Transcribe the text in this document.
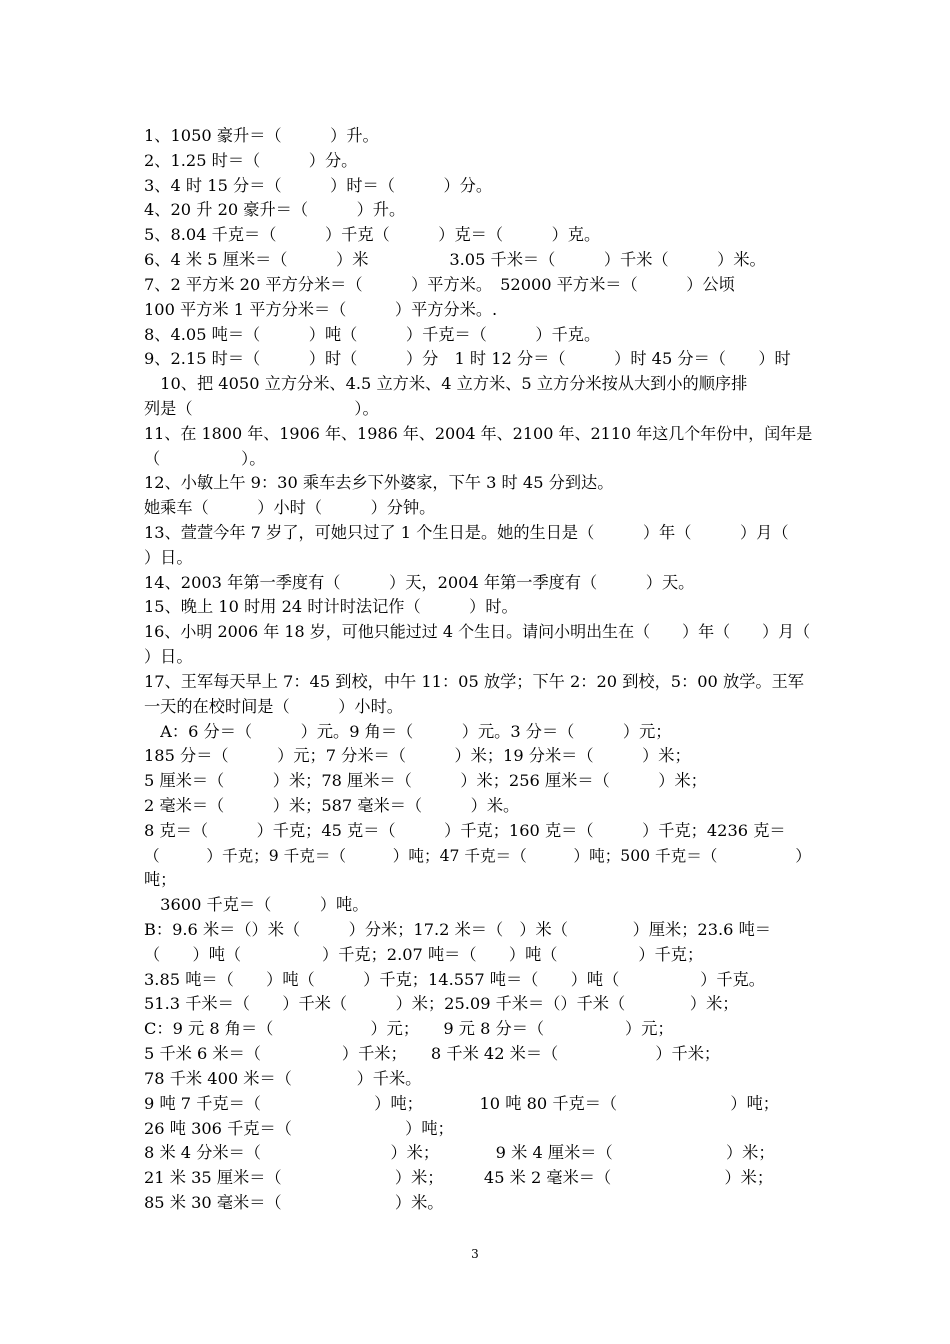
1、1050 豪升＝（　　　）升。
2、1.25 时＝（　　　）分。
3、4 时 15 分＝（　　　）时＝（　　　）分。
4、20 升 20 豪升＝（　　　）升。
5、8.04 千克＝（　　　）千克（　　　）克＝（　　　）克。
6、4 米 5 厘米＝（　　　）米　　　　　3.05 千米＝（　　　）千米（　　　）米。
7、2 平方米 20 平方分米＝（　　　）平方米。　52000 平方米＝（　　　）公顷
100 平方米 1 平方分米＝（　　　）平方分米。.
8、4.05 吨＝（　　　）吨（　　　）千克＝（　　　）千克。
9、2.15 时＝（　　　）时（　　　）分　1 时 12 分＝（　　　）时 45 分＝（　　）时
　10、把 4050 立方分米、4.5 立方米、4 立方米、5 立方分米按从大到小的顺序排
列是（　　　　　　　　　　）。
11、在 1800 年、1906 年、1986 年、2004 年、2100 年、2110 年这几个年份中，闰年是
（　　　　　）。
12、小敏上午 9：30 乘车去乡下外婆家，下午 3 时 45 分到达。
她乘车（　　　）小时（　　　）分钟。
13、萱萱今年 7 岁了，可她只过了 1 个生日是。她的生日是（　　　）年（　　　）月（
）日。
14、2003 年第一季度有（　　　）天，2004 年第一季度有（　　　）天。
15、晚上 10 时用 24 时计时法记作（　　　）时。
16、小明 2006 年 18 岁，可他只能过过 4 个生日。请问小明出生在（　　）年（　　）月（
）日。
17、王军每天早上 7：45 到校，中午 11：05 放学；下午 2：20 到校，5：00 放学。王军
一天的在校时间是（　　　）小时。
　A：6 分＝（　　　）元。9 角＝（　　　）元。3 分＝（　　　）元；
185 分＝（　　　）元；7 分米＝（　　　）米；19 分米＝（　　　）米；
5 厘米＝（　　　）米；78 厘米＝（　　　）米；256 厘米＝（　　　）米；
2 毫米＝（　　　）米；587 毫米＝（　　　）米。
8 克＝（　　　）千克；45 克＝（　　　）千克；160 克＝（　　　）千克；4236 克＝
（　　　）千克；9 千克＝（　　　）吨；47 千克＝（　　　）吨；500 千克＝（　　　　　）
吨；
　3600 千克＝（　　　）吨。
B：9.6 米＝（）米（　　　）分米；17.2 米＝（　）米（　　　　）厘米；23.6 吨＝
（　　）吨（　　　　　）千克；2.07 吨＝（　　）吨（　　　　　）千克；
3.85 吨＝（　　）吨（　　　）千克；14.557 吨＝（　　）吨（　　　　　）千克。
51.3 千米＝（　　）千米（　　　）米；25.09 千米＝（）千米（　　　　）米；
C：9 元 8 角＝（　　　　　　）元；　　9 元 8 分＝（　　　　　）元；
5 千米 6 米＝（　　　　　）千米；　　8 千米 42 米＝（　　　　　　）千米；
78 千米 400 米＝（　　　　）千米。
9 吨 7 千克＝（　　　　　　　）吨；　　　　10 吨 80 千克＝（　　　　　　　）吨；
26 吨 306 千克＝（　　　　　　　）吨；
8 米 4 分米＝（　　　　　　　　）米；　　　　9 米 4 厘米＝（　　　　　　　）米；
21 米 35 厘米＝（　　　　　　　）米；　　　45 米 2 毫米＝（　　　　　　　）米；
85 米 30 毫米＝（　　　　　　　）米。
3
